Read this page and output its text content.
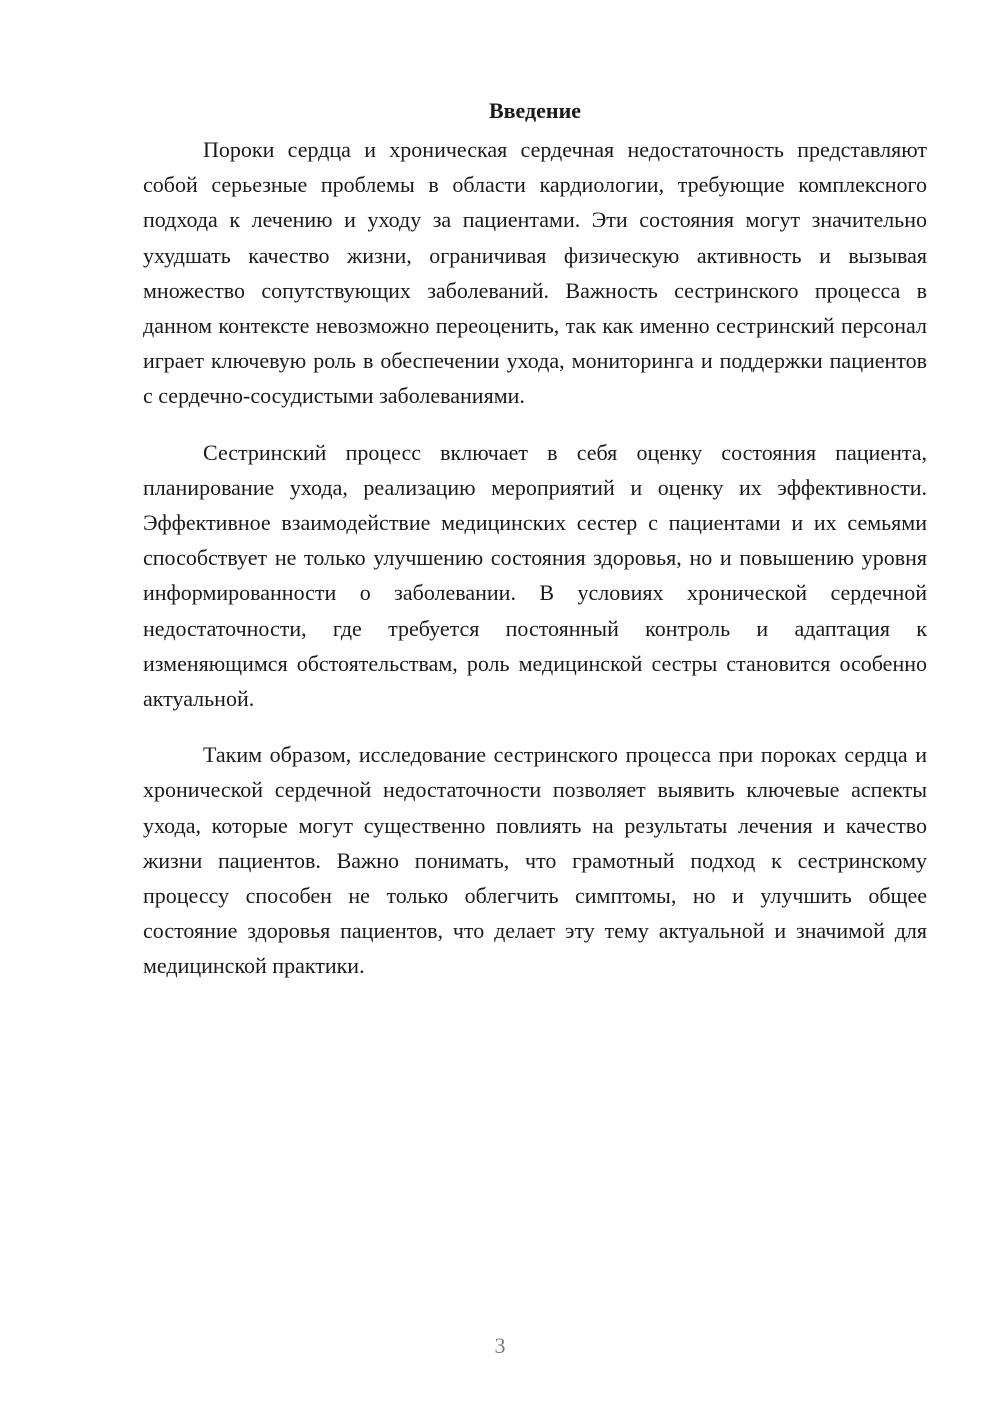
Введение

Пороки сердца и хроническая сердечная недостаточность представляют собой серьезные проблемы в области кардиологии, требующие комплексного подхода к лечению и уходу за пациентами. Эти состояния могут значительно ухудшать качество жизни, ограничивая физическую активность и вызывая множество сопутствующих заболеваний. Важность сестринского процесса в данном контексте невозможно переоценить, так как именно сестринский персонал играет ключевую роль в обеспечении ухода, мониторинга и поддержки пациентов с сердечно-сосудистыми заболеваниями.

Сестринский процесс включает в себя оценку состояния пациента, планирование ухода, реализацию мероприятий и оценку их эффективности. Эффективное взаимодействие медицинских сестер с пациентами и их семьями способствует не только улучшению состояния здоровья, но и повышению уровня информированности о заболевании. В условиях хронической сердечной недостаточности, где требуется постоянный контроль и адаптация к изменяющимся обстоятельствам, роль медицинской сестры становится особенно актуальной.

Таким образом, исследование сестринского процесса при пороках сердца и хронической сердечной недостаточности позволяет выявить ключевые аспекты ухода, которые могут существенно повлиять на результаты лечения и качество жизни пациентов. Важно понимать, что грамотный подход к сестринскому процессу способен не только облегчить симптомы, но и улучшить общее состояние здоровья пациентов, что делает эту тему актуальной и значимой для медицинской практики.

3
